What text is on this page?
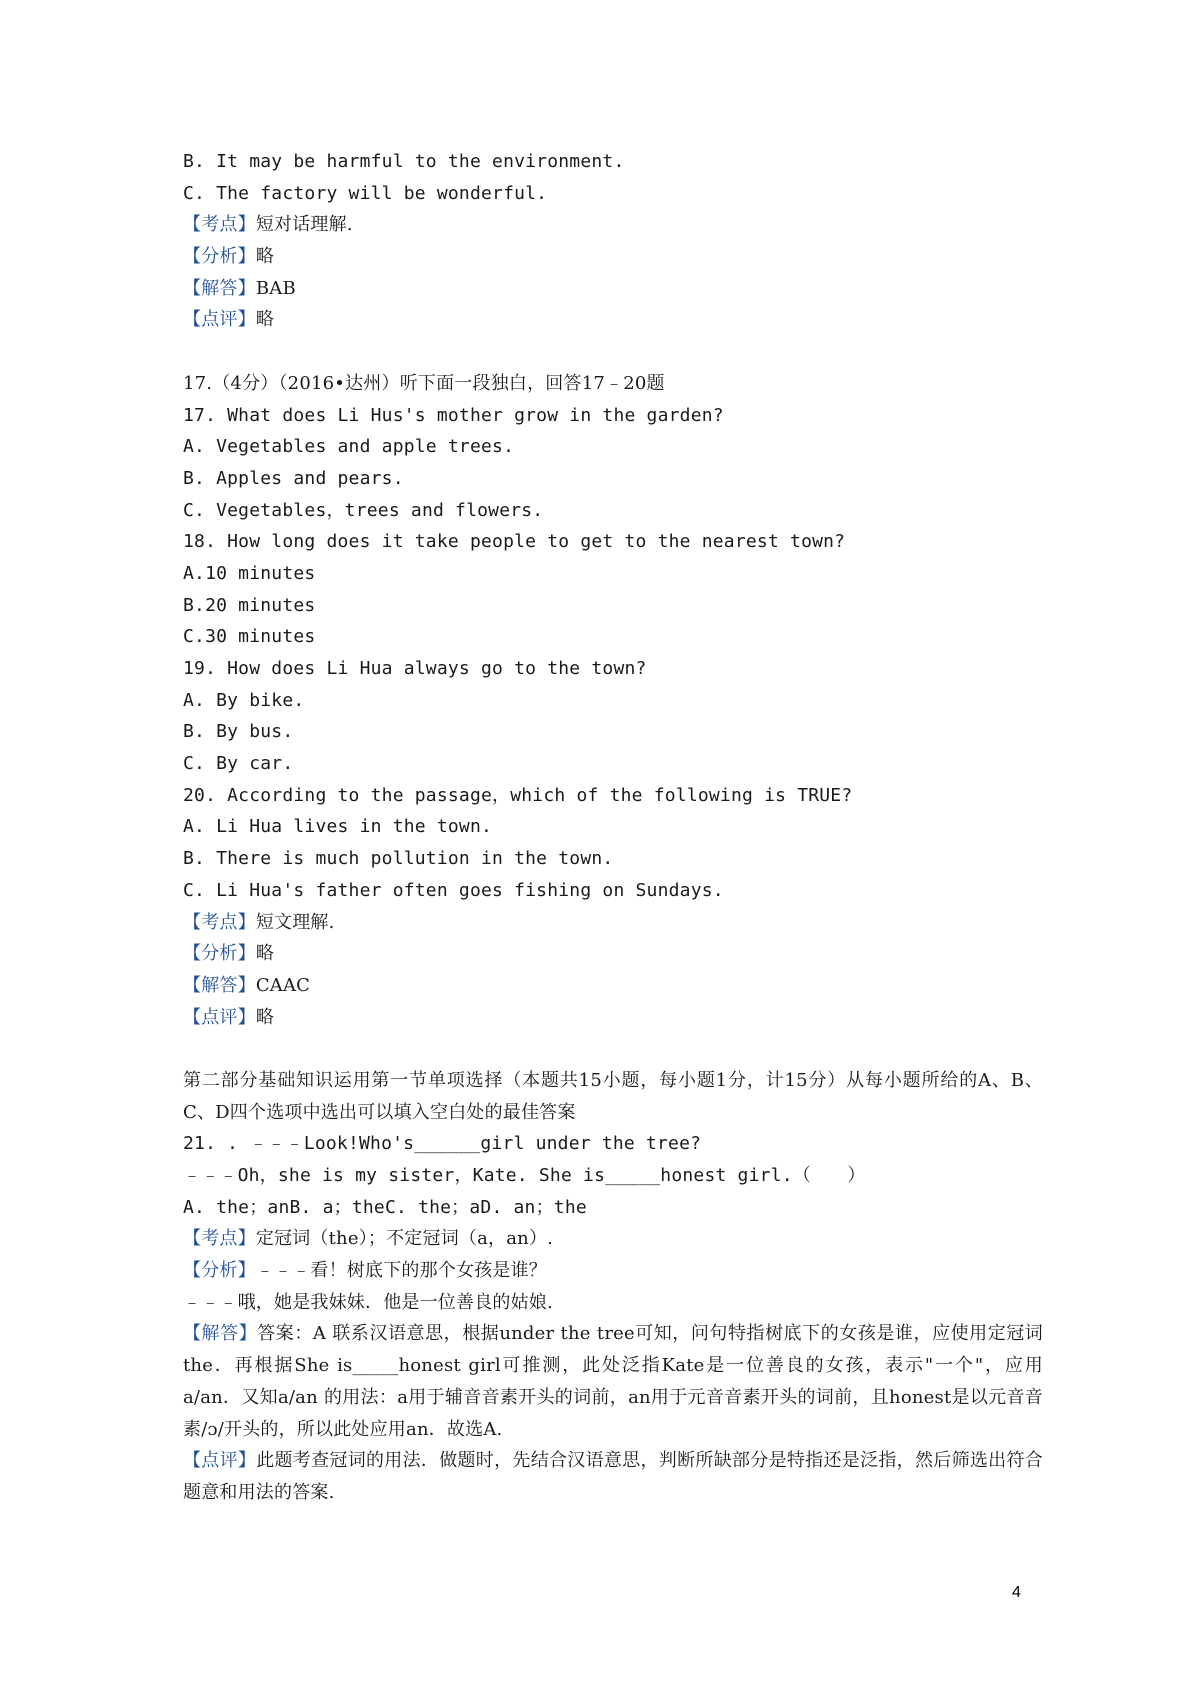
B. It may be harmful to the environment.
C. The factory will be wonderful.
【考点】短对话理解.
【分析】略
【解答】BAB
【点评】略
17.（4分）（2016•达州）听下面一段独白，回答17﹣20题
17. What does Li Hus's mother grow in the garden?
A. Vegetables and apple trees.
B. Apples and pears.
C. Vegetables，trees and flowers.
18. How long does it take people to get to the nearest town?
A.10 minutes
B.20 minutes
C.30 minutes
19. How does Li Hua always go to the town?
A. By bike.
B. By bus.
C. By car.
20. According to the passage，which of the following is TRUE?
A. Li Hua lives in the town.
B. There is much pollution in the town.
C. Li Hua's father often goes fishing on Sundays.
【考点】短文理解.
【分析】略
【解答】CAAC
【点评】略
第二部分基础知识运用第一节单项选择（本题共15小题，每小题1分，计15分）从每小题所给的A、B、C、D四个选项中选出可以填入空白处的最佳答案
21. . ﹣﹣﹣Look!Who's______girl under the tree?
﹣﹣﹣Oh，she is my sister，Kate. She is_____honest girl.（　　）
A. the；anB. a；theC. the；aD. an；the
【考点】定冠词（the）；不定冠词（a，an）.
【分析】﹣﹣﹣看！树底下的那个女孩是谁？
﹣﹣﹣哦，她是我妹妹．他是一位善良的姑娘.
【解答】答案：A 联系汉语意思，根据under the tree可知，问句特指树底下的女孩是谁，应使用定冠词the．再根据She is_____honest girl可推测，此处泛指Kate是一位善良的女孩，表示"一个"，应用a/an．又知a/an 的用法：a用于辅音音素开头的词前，an用于元音音素开头的词前，且honest是以元音音素/ɔ/开头的，所以此处应用an．故选A.
【点评】此题考查冠词的用法．做题时，先结合汉语意思，判断所缺部分是特指还是泛指，然后筛选出符合题意和用法的答案.
4
